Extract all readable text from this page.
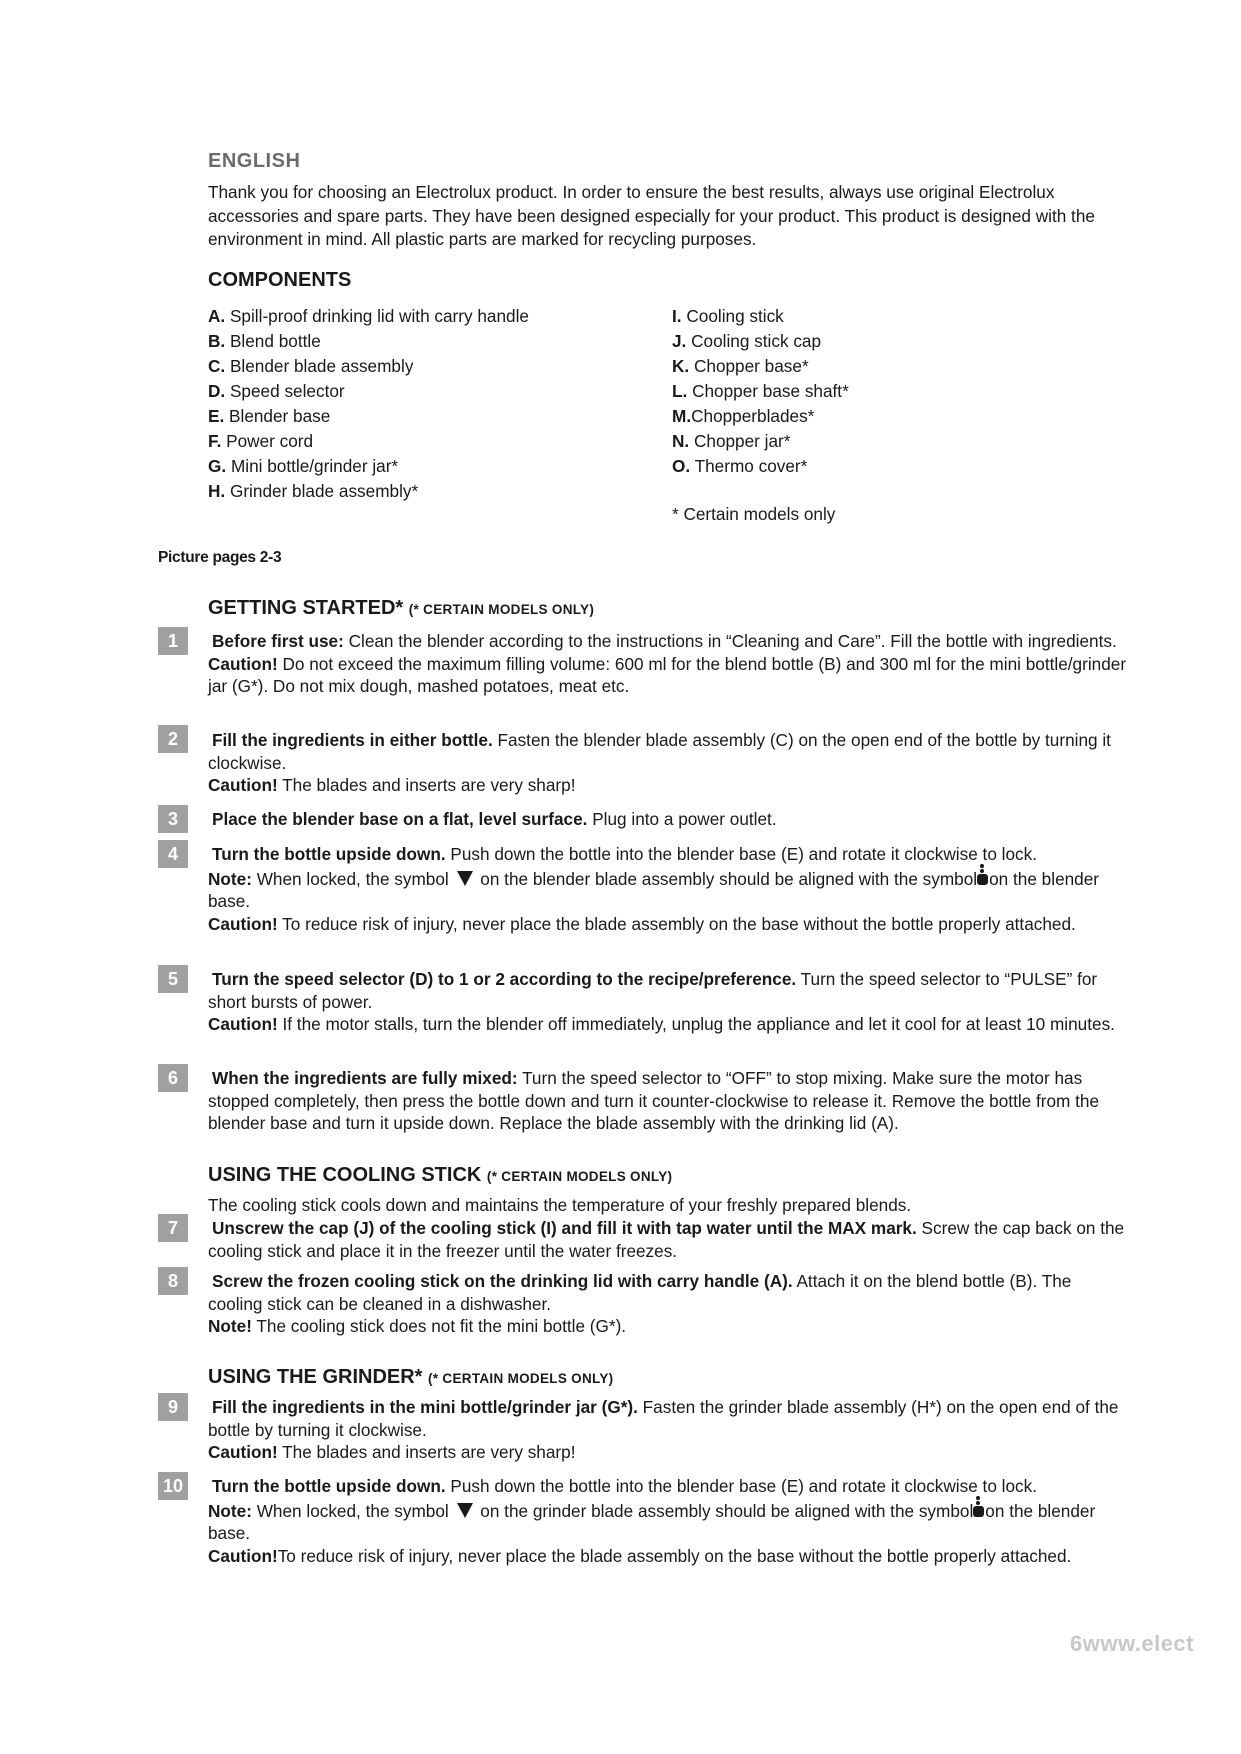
ENGLISH
Thank you for choosing an Electrolux product. In order to ensure the best results, always use original Electrolux accessories and spare parts. They have been designed especially for your product. This product is designed with the environment in mind. All plastic parts are marked for recycling purposes.
COMPONENTS
A. Spill-proof drinking lid with carry handle
B. Blend bottle
C. Blender blade assembly
D. Speed selector
E. Blender base
F. Power cord
G. Mini bottle/grinder jar*
H. Grinder blade assembly*
I. Cooling stick
J. Cooling stick cap
K. Chopper base*
L. Chopper base shaft*
M.Chopperblades*
N. Chopper jar*
O. Thermo cover*
* Certain models only
Picture pages 2-3
GETTING STARTED* (* CERTAIN MODELS ONLY)
1	Before first use: Clean the blender according to the instructions in “Cleaning and Care”. Fill the bottle with ingredients.

Caution! Do not exceed the maximum filling volume: 600 ml for the blend bottle (B) and 300 ml for the mini bottle/grinder jar (G*). Do not mix dough, mashed potatoes, meat etc.

2	Fill the ingredients in either bottle. Fasten the blender blade assembly (C) on the open end of the bottle by turning it clockwise.

Caution! The blades and inserts are very sharp!

3	Place the blender base on a flat, level surface. Plug into a power outlet.

4	Turn the bottle upside down. Push down the bottle into the blender base (E) and rotate it clockwise to lock.

Note: When locked, the symbol  on the blender blade assembly should be aligned with the symbol on the blender base.

Caution! To reduce risk of injury, never place the blade assembly on the base without the bottle properly attached.

5	Turn the speed selector (D) to 1 or 2 according to the recipe/preference. Turn the speed selector to “PULSE” for short bursts of power.

Caution! If the motor stalls, turn the blender off immediately, unplug the appliance and let it cool for at least 10 minutes.

6	When the ingredients are fully mixed: Turn the speed selector to “OFF” to stop mixing. Make sure the motor has stopped completely, then press the bottle down and turn it counter-clockwise to release it. Remove the bottle from the blender base and turn it upside down. Replace the blade assembly with the drinking lid (A).

USING THE COOLING STICK (* CERTAIN MODELS ONLY)
The cooling stick cools down and maintains the temperature of your freshly prepared blends.
7	Unscrew the cap (J) of the cooling stick (I) and fill it with tap water until the MAX mark. Screw the cap back on the cooling stick and place it in the freezer until the water freezes.

8	Screw the frozen cooling stick on the drinking lid with carry handle (A). Attach it on the blend bottle (B). The cooling stick can be cleaned in a dishwasher.

Note! The cooling stick does not fit the mini bottle (G*).

USING THE GRINDER* (* CERTAIN MODELS ONLY)
9	Fill the ingredients in the mini bottle/grinder jar (G*). Fasten the grinder blade assembly (H*) on the open end of the bottle by turning it clockwise.

Caution! The blades and inserts are very sharp!

10 Turn the bottle upside down. Push down the bottle into the blender base (E) and rotate it clockwise to lock.

Note: When locked, the symbol  on the grinder blade assembly should be aligned with the symbol on the blender base.

Caution!To reduce risk of injury, never place the blade assembly on the base without the bottle properly attached.

6www.elect
